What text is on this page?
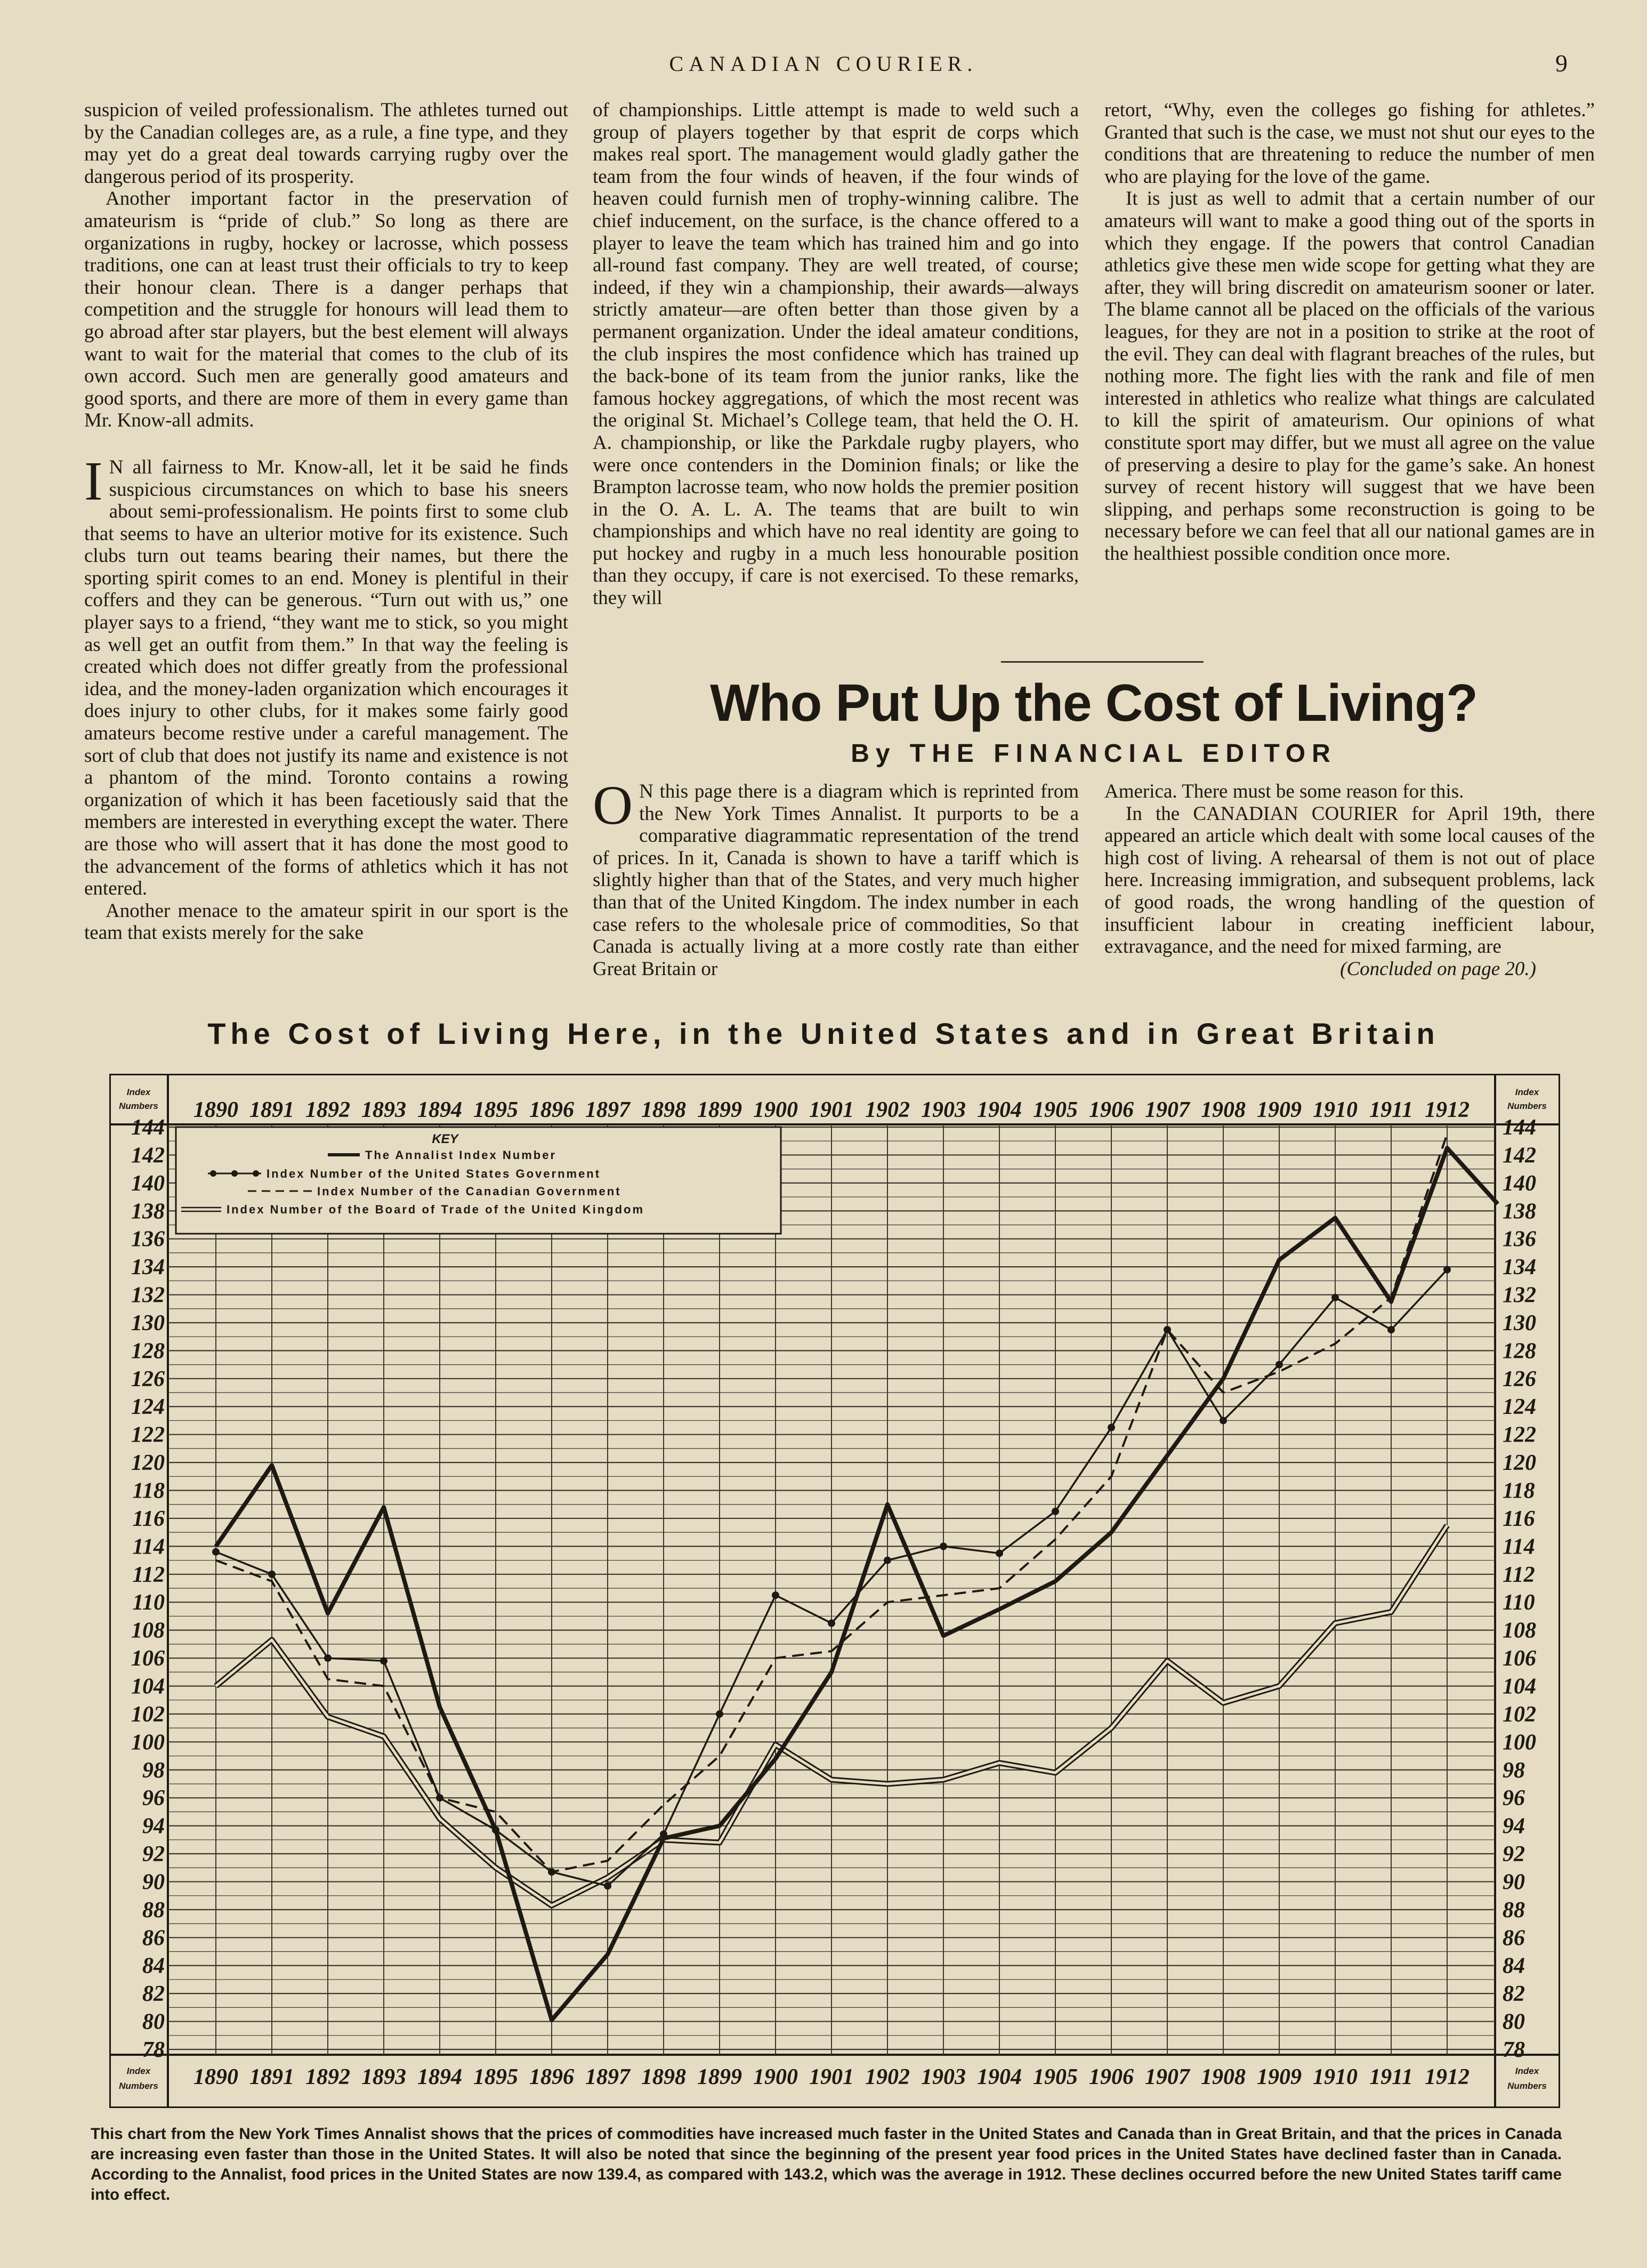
CANADIAN COURIER.	9

suspicion of veiled professionalism. The athletes turned out by the Canadian colleges are, as a rule, a fine type, and they may yet do a great deal towards carrying rugby over the dangerous period of its prosperity.

Another important factor in the preservation of amateurism is “pride of club.” So long as there are organizations in rugby, hockey or lacrosse, which possess traditions, one can at least trust their officials to try to keep their honour clean. There is a danger perhaps that competition and the struggle for honours will lead them to go abroad after star players, but the best element will always want to wait for the material that comes to the club of its own accord. Such men are generally good amateurs and good sports, and there are more of them in every game than Mr. Know-all admits.

I N all fairness to Mr. Know-all, let it be said he finds suspicious circumstances on which to base his sneers about semi-professionalism. He points first to some club that seems to have an ulterior motive for its existence. Such clubs turn out teams bearing their names, but there the sporting spirit comes to an end. Money is plentiful in their coffers and they can be generous. “Turn out with us,” one player says to a friend, “they want me to stick, so you might as well get an outfit from them.” In that way the feeling is created which does not differ greatly from the professional idea, and the money-laden organization which encourages it does injury to other clubs, for it makes some fairly good amateurs become restive under a careful management. The sort of club that does not justify its name and existence is not a phantom of the mind. Toronto contains a rowing organization of which it has been facetiously said that the members are interested in everything except the water. There are those who will assert that it has done the most good to the advancement of the forms of athletics which it has not entered.

Another menace to the amateur spirit in our sport is the team that exists merely for the sake

of championships. Little attempt is made to weld such a group of players together by that esprit de corps which makes real sport. The management would gladly gather the team from the four winds of heaven, if the four winds of heaven could furnish men of trophy-winning calibre. The chief inducement, on the surface, is the chance offered to a player to leave the team which has trained him and go into all-round fast company. They are well treated, of course; indeed, if they win a championship, their awards—always strictly amateur—are often better than those given by a permanent organization. Under the ideal amateur conditions, the club inspires the most confidence which has trained up the back-bone of its team from the junior ranks, like the famous hockey aggregations, of which the most recent was the original St. Michael’s College team, that held the O. H. A. championship, or like the Parkdale rugby players, who were once contenders in the Dominion finals; or like the Brampton lacrosse team, who now holds the premier position in the O. A. L. A. The teams that are built to win championships and which have no real identity are going to put hockey and rugby in a much less honourable position than they occupy, if care is not exercised. To these remarks, they will

retort, “Why, even the colleges go fishing for athletes.” Granted that such is the case, we must not shut our eyes to the conditions that are threatening to reduce the number of men who are playing for the love of the game.

It is just as well to admit that a certain number of our amateurs will want to make a good thing out of the sports in which they engage. If the powers that control Canadian athletics give these men wide scope for getting what they are after, they will bring discredit on amateurism sooner or later. The blame cannot all be placed on the officials of the various leagues, for they are not in a position to strike at the root of the evil. They can deal with flagrant breaches of the rules, but nothing more. The fight lies with the rank and file of men interested in athletics who realize what things are calculated to kill the spirit of amateurism. Our opinions of what constitute sport may differ, but we must all agree on the value of preserving a desire to play for the game’s sake. An honest survey of recent history will suggest that we have been slipping, and perhaps some reconstruction is going to be necessary before we can feel that all our national games are in the healthiest possible condition once more.

Who Put Up the Cost of Living?
By THE FINANCIAL EDITOR

O N this page there is a diagram which is reprinted from the New York Times Annalist. It purports to be a comparative diagrammatic representation of the trend of prices. In it, Canada is shown to have a tariff which is slightly higher than that of the States, and very much higher than that of the United Kingdom. The index number in each case refers to the wholesale price of commodities, So that Canada is actually living at a more costly rate than either Great Britain or

America. There must be some reason for this.

In the CANADIAN COURIER for April 19th, there appeared an article which dealt with some local causes of the high cost of living. A rehearsal of them is not out of place here. Increasing immigration, and subsequent problems, lack of good roads, the wrong handling of the question of insufficient labour in creating inefficient labour, extravagance, and the need for mixed farming, are

(Concluded on page 20.)

The Cost of Living Here, in the United States and in Great Britain
78	78
80	80
82	82
84	84
86	86
88	88
90	90
92	92
94	94
96	96
98	98
100	100
102	102
104	104
106	106
108	108
110	110
112	112
114	114
116	116
118	118
120	120
122	122
124	124
126	126
128	128
130	130
132	132
134	134
136	136
138	138
140	140
142	142
144	144
1890
1890
1891
1891
1892
1892
1893
1893
1894
1894
1895
1895
1896
1896
1897
1897
1898
1898
1899
1899
1900
1900
1901
1901
1902
1902
1903
1903
1904
1904
1905
1905
1906
1906
1907
1907
1908
1908
1909
1909
1910
1910
1911
1911
1912
1912
Index
Numbers
Index
Numbers
Index
Numbers
Index
Numbers
KEY
The Annalist Index Number
Index Number of the United States Government
Index Number of the Canadian Government
Index Number of the Board of Trade of the United Kingdom
This chart from the New York Times Annalist shows that the prices of commodities have increased much faster in the United States and Canada than in Great Britain, and that the prices in Canada are increasing even faster than those in the United States. It will also be noted that since the beginning of the present year food prices in the United States have declined faster than in Canada. According to the Annalist, food prices in the United States are now 139.4, as compared with 143.2, which was the average in 1912. These declines occurred before the new United States tariff came into effect.
